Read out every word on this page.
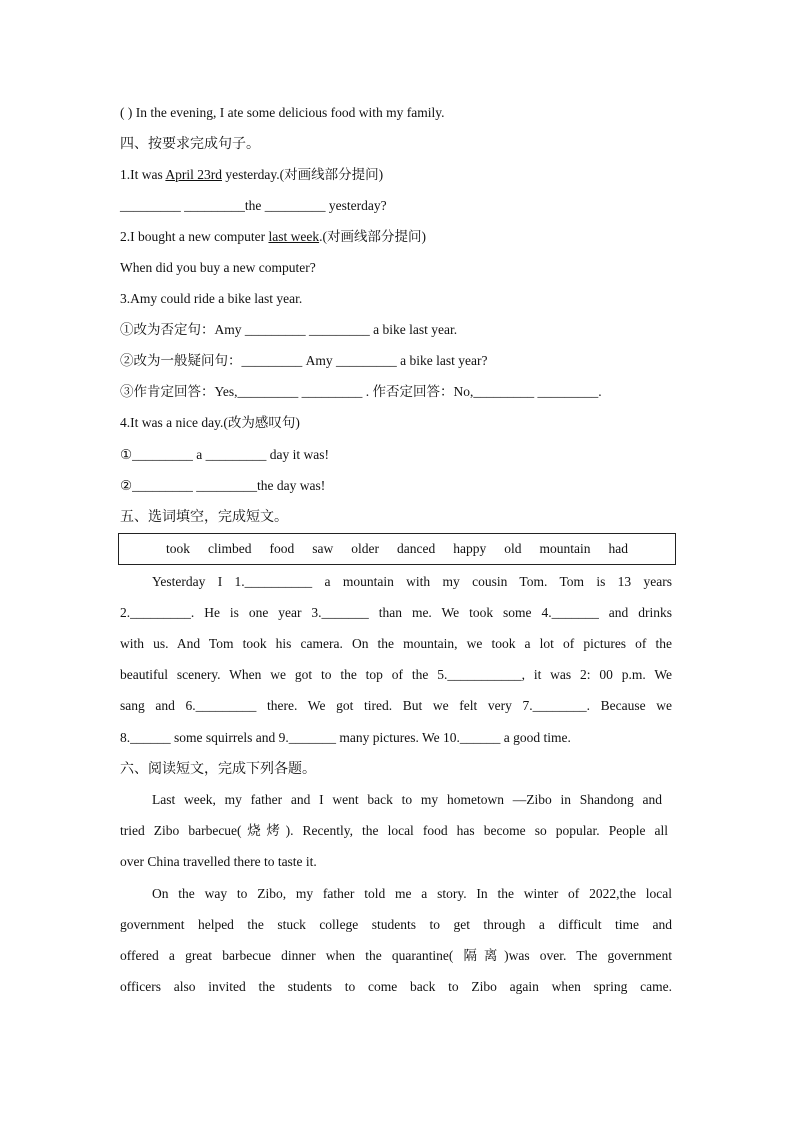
( ) In the evening, I ate some delicious food with my family.
四、按要求完成句子。
1.It was April 23rd yesterday.(对画线部分提问)
_________ _________the _________ yesterday?
2.I bought a new computer last week.(对画线部分提问)
When did you buy a new computer?
3.Amy could ride a bike last year.
①改为否定句：Amy _________ _________ a bike last year.
②改为一般疑问句：_________ Amy _________ a bike last year?
③作肯定回答：Yes,_________ _________ . 作否定回答：No,_________ _________.
4.It was a nice day.(改为感叹句)
①_________ a _________ day it was!
②_________ _________the day was!
五、选词填空，完成短文。
took climbed food saw older danced happy old mountain had
Yesterday I 1.__________ a mountain with my cousin Tom. Tom is 13 years
2._________. He is one year 3._______ than me. We took some 4._______ and drinks
with us. And Tom took his camera. On the mountain, we took a lot of pictures of the
beautiful scenery. When we got to the top of the 5.___________, it was 2: 00 p.m. We
sang and 6._________ there. We got tired. But we felt very 7.________. Because we
8.______ some squirrels and 9._______ many pictures. We 10.______ a good time.
六、阅读短文，完成下列各题。
Last week, my father and I went back to my hometown —Zibo in Shandong and
tried Zibo barbecue(烧烤). Recently, the local food has become so popular. People all
over China travelled there to taste it.
On the way to Zibo, my father told me a story. In the winter of 2022,the local
government helped the stuck college students to get through a difficult time and
offered a great barbecue dinner when the quarantine( 隔离)was over. The government
officers also invited the students to come back to Zibo again when spring came.
